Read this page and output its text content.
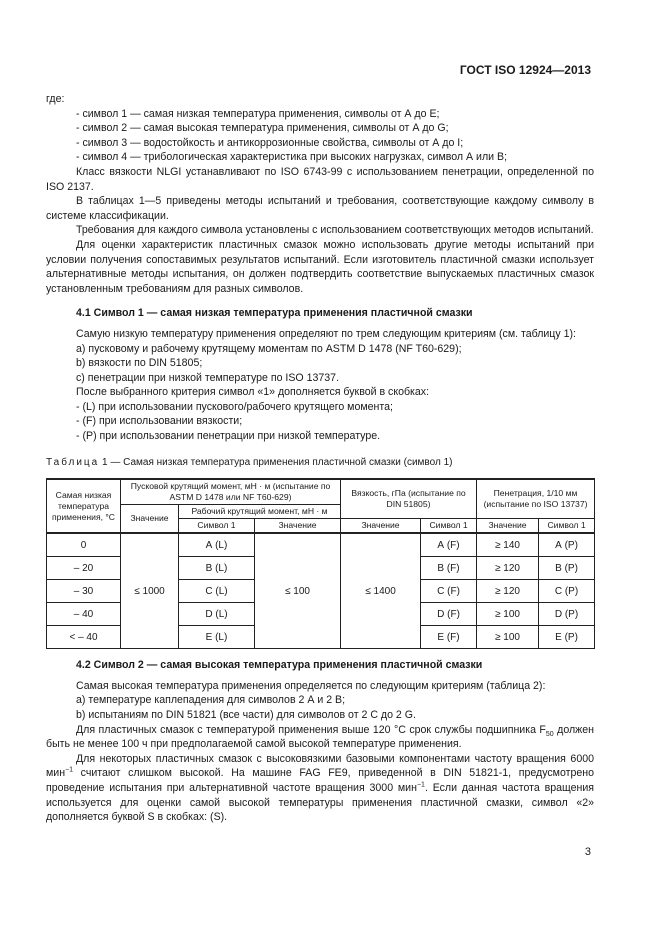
ГОСТ ISO 12924—2013

где:

- символ 1 — самая низкая температура применения, символы от А до Е;

- символ 2 — самая высокая температура применения, символы от А до G;

- символ 3 — водостойкость и антикоррозионные свойства, символы от А до I;

- символ 4 — трибологическая характеристика при высоких нагрузках, символ А или В;

Класс вязкости NLGI устанавливают по ISO 6743-99 с использованием пенетрации, определенной по ISO 2137.

В таблицах 1—5 приведены методы испытаний и требования, соответствующие каждому символу в системе классификации.

Требования для каждого символа установлены с использованием соответствующих методов испытаний.

Для оценки характеристик пластичных смазок можно использовать другие методы испытаний при условии получения сопоставимых результатов испытаний. Если изготовитель пластичной смазки использует альтернативные методы испытания, он должен подтвердить соответствие выпускаемых пластичных смазок установленным требованиям для разных символов.

4.1 Символ 1 — самая низкая температура применения пластичной смазки

Самую низкую температуру применения определяют по трем следующим критериям (см. таблицу 1):

а) пусковому и рабочему крутящему моментам по ASTM D 1478 (NF T60-629);

b) вязкости по DIN 51805;

с) пенетрации при низкой температуре по ISO 13737.

После выбранного критерия символ «1» дополняется буквой в скобках:

- (L) при использовании пускового/рабочего крутящего момента;

- (F) при использовании вязкости;

- (P) при использовании пенетрации при низкой температуре.

Таблица 1 — Самая низкая температура применения пластичной смазки (символ 1)

Самая низкая температура применения, °С	Пусковой крутящий момент, мН · м (испытание по ASTM D 1478 или NF T60-629)			Вязкость, гПа (испытание по DIN 51805)		Пенетрация, 1/10 мм (испытание по ISO 13737)	
	Значение	Рабочий крутящий момент, мН · м					
		Символ 1	Значение	Значение	Символ 1	Значение	Символ 1
0	≤ 1000	А (L)	≤ 100	≤ 1400	А (F)	≥ 140	А (Р)
– 20		В (L)			В (F)	≥ 120	В (Р)
– 30		С (L)			С (F)	≥ 120	С (Р)
– 40		D (L)			D (F)	≥ 100	D (Р)
< – 40		Е (L)			Е (F)	≥ 100	Е (Р)

4.2 Символ 2 — самая высокая температура применения пластичной смазки

Самая высокая температура применения определяется по следующим критериям (таблица 2):

а) температуре каплепадения для символов 2 А и 2 В;

b) испытаниям по DIN 51821 (все части) для символов от 2 С до 2 G.

Для пластичных смазок с температурой применения выше 120 °С срок службы подшипника $F_{50}$ должен быть не менее 100 ч при предполагаемой самой высокой температуре применения.

Для некоторых пластичных смазок с высоковязкими базовыми компонентами частоту вращения 6000 мин$^{-1}$ считают слишком высокой. На машине FAG FE9, приведенной в DIN 51821-1, предусмотрено проведение испытания при альтернативной частоте вращения 3000 мин$^{-1}$. Если данная частота вращения используется для оценки самой высокой температуры применения пластичной смазки, символ «2» дополняется буквой S в скобках: (S).

3
